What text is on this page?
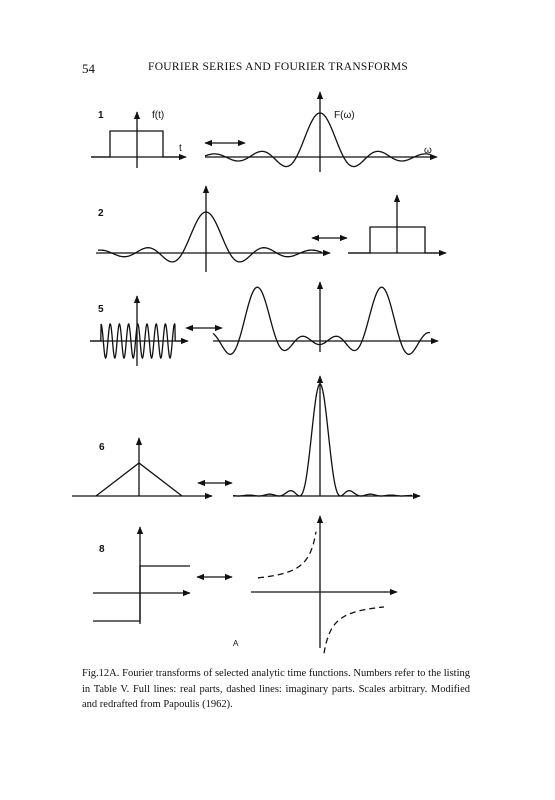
54	FOURIER SERIES AND FOURIER TRANSFORMS
1	f(t)
t
F(ω)
ω
2
5
6
8
A
Fig.12A. Fourier transforms of selected analytic time functions. Numbers refer to the listing in Table V. Full lines: real parts, dashed lines: imaginary parts. Scales arbitrary. Modified and redrafted from Papoulis (1962).
